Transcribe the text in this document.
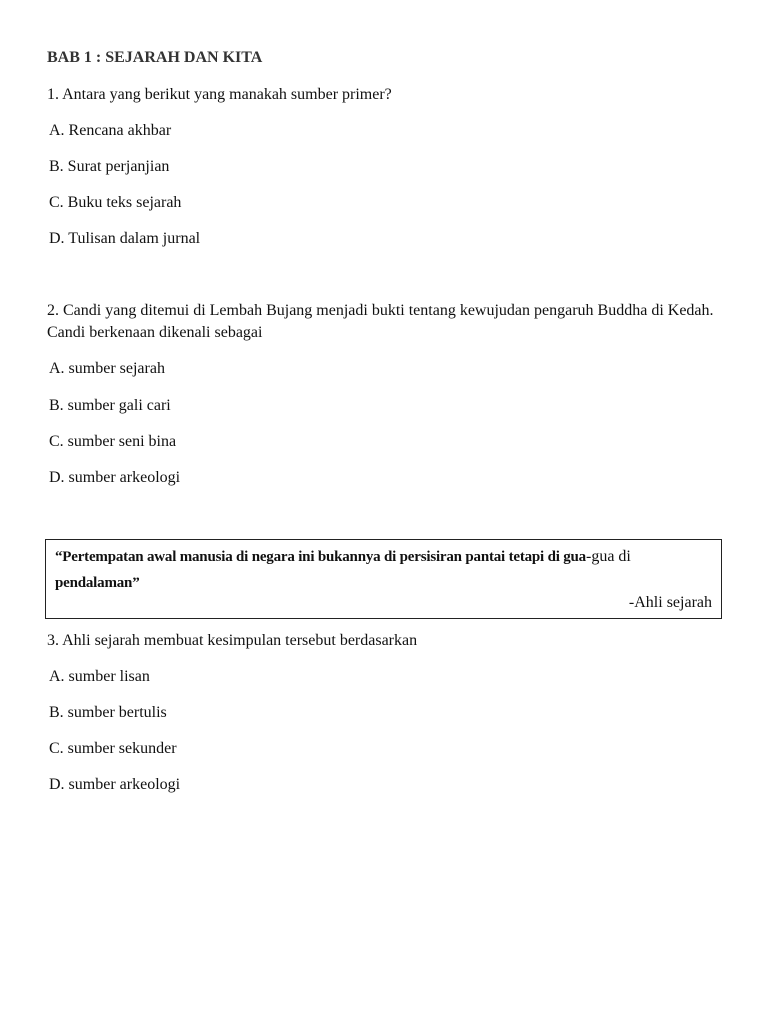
BAB 1 : SEJARAH DAN KITA
1. Antara yang berikut yang manakah sumber primer?
A. Rencana akhbar
B. Surat perjanjian
C. Buku teks sejarah
D. Tulisan dalam jurnal
2. Candi yang ditemui di Lembah Bujang menjadi bukti tentang kewujudan pengaruh Buddha di Kedah. Candi berkenaan dikenali sebagai
A. sumber sejarah
B. sumber gali cari
C. sumber seni bina
D. sumber arkeologi
“Pertempatan awal manusia di negara ini bukannya di persisiran pantai tetapi di gua-gua di
pendalaman”
-Ahli sejarah
3. Ahli sejarah membuat kesimpulan tersebut berdasarkan
A. sumber lisan
B. sumber bertulis
C. sumber sekunder
D. sumber arkeologi
